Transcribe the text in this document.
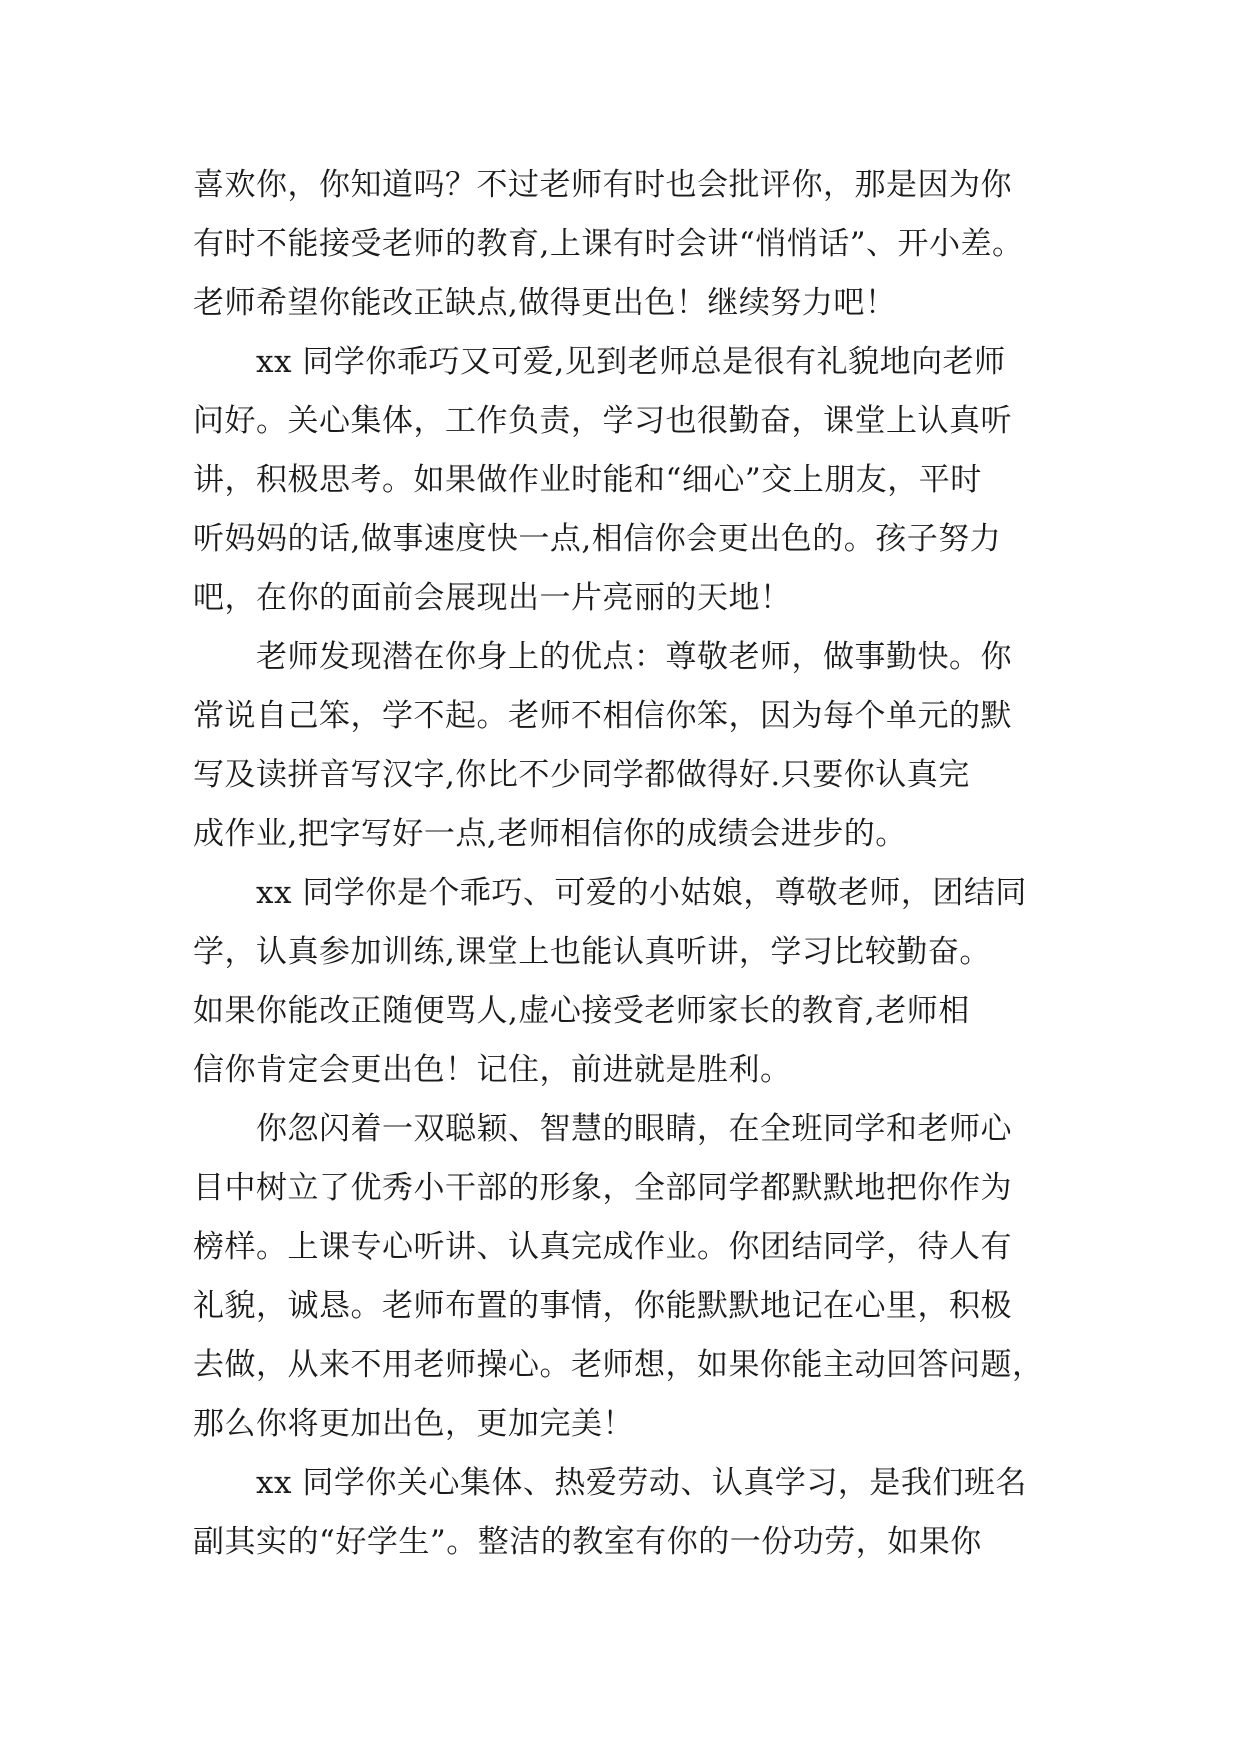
喜欢你，你知道吗？不过老师有时也会批评你，那是因为你
有时不能接受老师的教育,上课有时会讲“悄悄话”、开小差。
老师希望你能改正缺点,做得更出色！继续努力吧！
xx 同学你乖巧又可爱,见到老师总是很有礼貌地向老师
问好。关心集体，工作负责，学习也很勤奋，课堂上认真听
讲，积极思考。如果做作业时能和“细心”交上朋友，平时
听妈妈的话,做事速度快一点,相信你会更出色的。孩子努力
吧，在你的面前会展现出一片亮丽的天地！
老师发现潜在你身上的优点：尊敬老师，做事勤快。你
常说自己笨，学不起。老师不相信你笨，因为每个单元的默
写及读拼音写汉字,你比不少同学都做得好.只要你认真完
成作业,把字写好一点,老师相信你的成绩会进步的。
xx 同学你是个乖巧、可爱的小姑娘，尊敬老师，团结同
学，认真参加训练,课堂上也能认真听讲，学习比较勤奋。
如果你能改正随便骂人,虚心接受老师家长的教育,老师相
信你肯定会更出色！记住，前进就是胜利。
你忽闪着一双聪颖、智慧的眼睛，在全班同学和老师心
目中树立了优秀小干部的形象，全部同学都默默地把你作为
榜样。上课专心听讲、认真完成作业。你团结同学，待人有
礼貌，诚恳。老师布置的事情，你能默默地记在心里，积极
去做，从来不用老师操心。老师想，如果你能主动回答问题，
那么你将更加出色，更加完美！
xx 同学你关心集体、热爱劳动、认真学习，是我们班名
副其实的“好学生”。整洁的教室有你的一份功劳，如果你
